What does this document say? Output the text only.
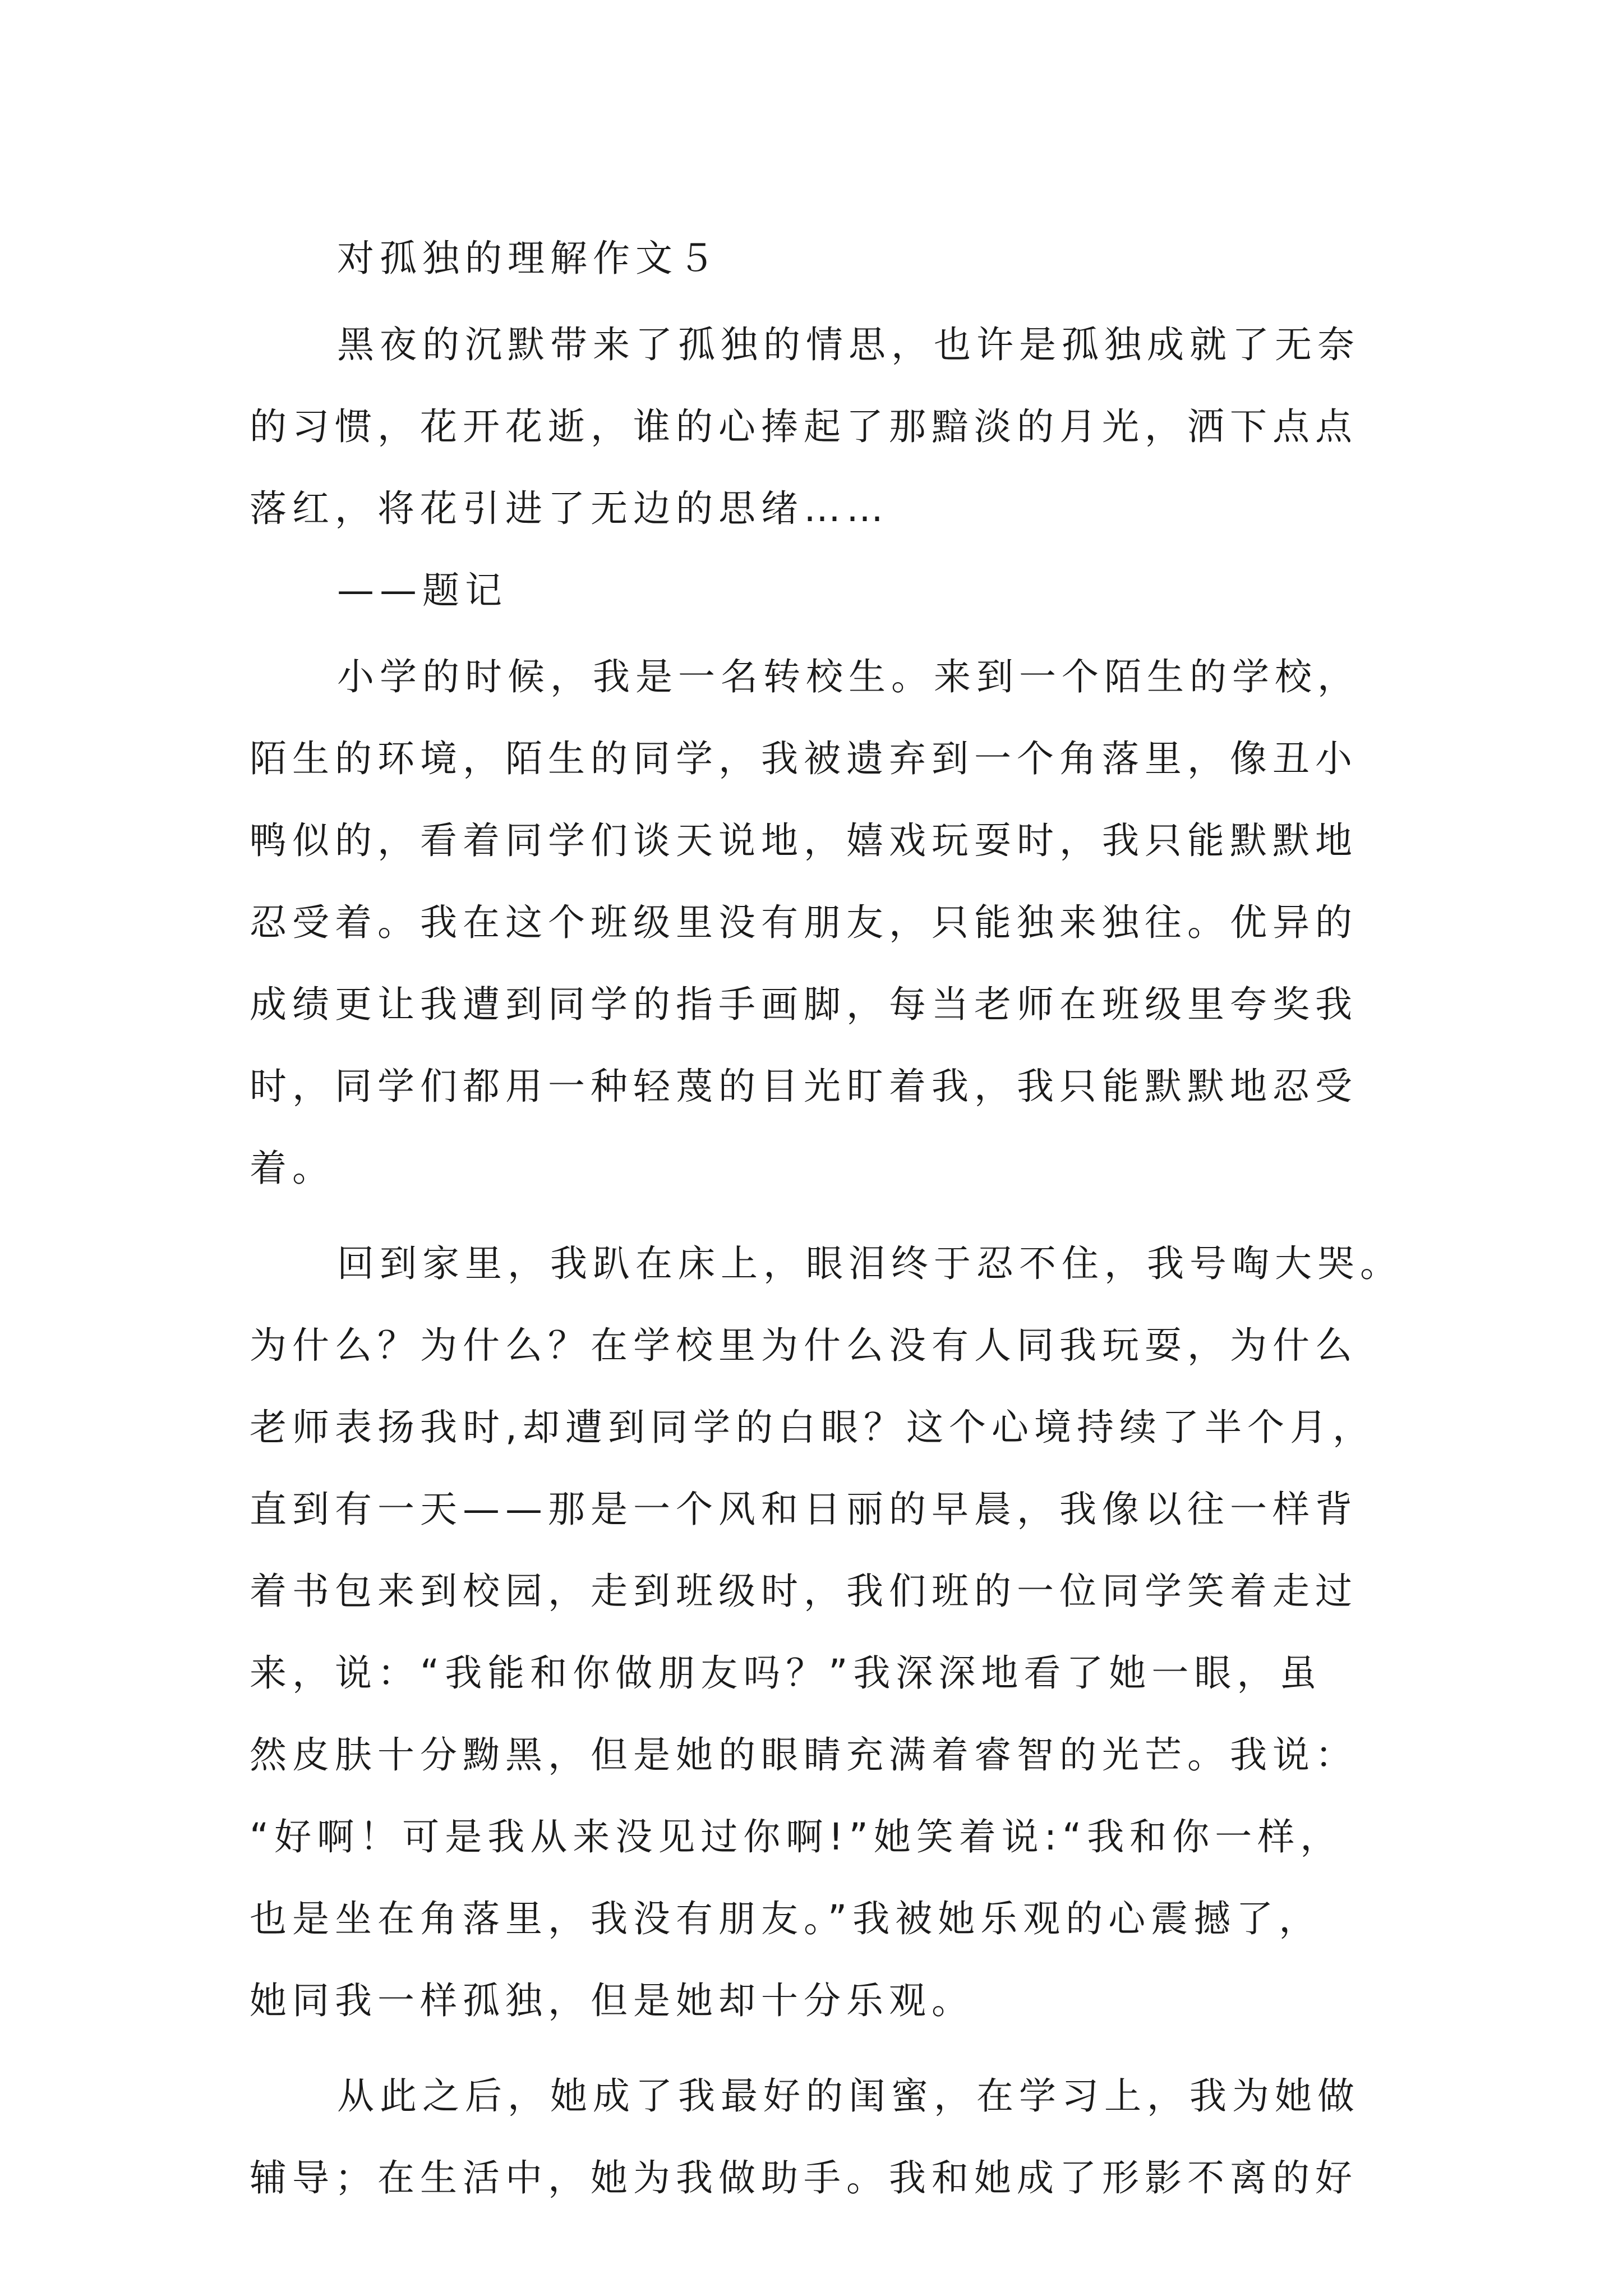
对孤独的理解作文５
黑夜的沉默带来了孤独的情思，也许是孤独成就了无奈
的习惯，花开花逝，谁的心捧起了那黯淡的月光，洒下点点
落红，将花引进了无边的思绪……
——题记
小学的时候，我是一名转校生。来到一个陌生的学校，
陌生的环境，陌生的同学，我被遗弃到一个角落里，像丑小
鸭似的，看着同学们谈天说地，嬉戏玩耍时，我只能默默地
忍受着。我在这个班级里没有朋友，只能独来独往。优异的
成绩更让我遭到同学的指手画脚，每当老师在班级里夸奖我
时，同学们都用一种轻蔑的目光盯着我，我只能默默地忍受
着。
回到家里，我趴在床上，眼泪终于忍不住，我号啕大哭。
为什么？为什么？在学校里为什么没有人同我玩耍，为什么
老师表扬我时,却遭到同学的白眼？这个心境持续了半个月，
直到有一天——那是一个风和日丽的早晨，我像以往一样背
着书包来到校园，走到班级时，我们班的一位同学笑着走过
来，说：“我能和你做朋友吗？”我深深地看了她一眼，虽
然皮肤十分黝黑，但是她的眼睛充满着睿智的光芒。我说：
“好啊！可是我从来没见过你啊!”她笑着说:“我和你一样，
也是坐在角落里，我没有朋友。”我被她乐观的心震撼了，
她同我一样孤独，但是她却十分乐观。
从此之后，她成了我最好的闺蜜，在学习上，我为她做
辅导；在生活中，她为我做助手。我和她成了形影不离的好
